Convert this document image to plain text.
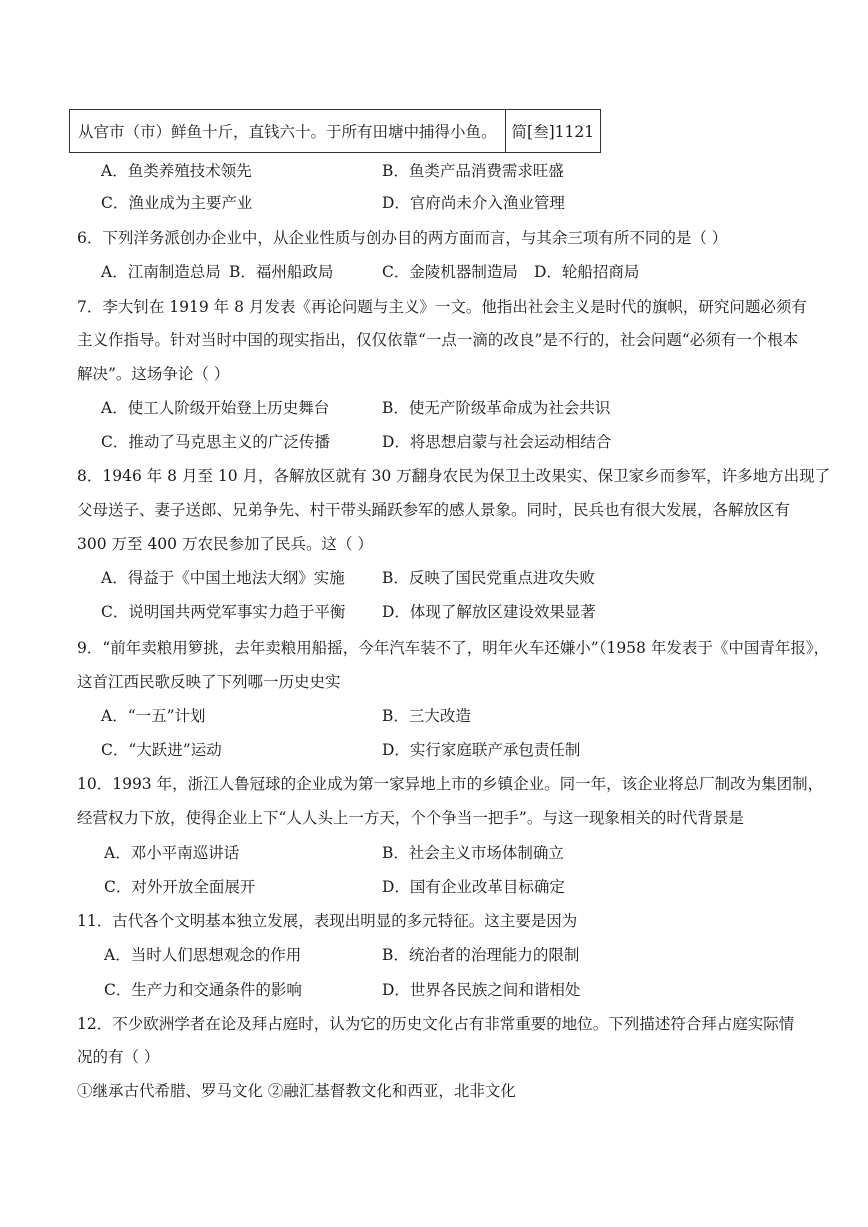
从官市（市）鲜鱼十斤，直钱六十。于所有田塘中捕得小鱼。	简[叁]1121
A．鱼类养殖技术领先	B．鱼类产品消费需求旺盛
C．渔业成为主要产业	D．官府尚未介入渔业管理
6．下列洋务派创办企业中，从企业性质与创办目的两方面而言，与其余三项有所不同的是（ ）
A．江南制造总局 B．福州船政局	C．金陵机器制造局 D．轮船招商局
7．李大钊在 1919 年 8 月发表《再论问题与主义》一文。他指出社会主义是时代的旗帜，研究问题必须有
主义作指导。针对当时中国的现实指出，仅仅依靠“一点一滴的改良”是不行的，社会问题“必须有一个根本
解决”。这场争论（ ）
A．使工人阶级开始登上历史舞台	B．使无产阶级革命成为社会共识
C．推动了马克思主义的广泛传播	D．将思想启蒙与社会运动相结合
8．1946 年 8 月至 10 月，各解放区就有 30 万翻身农民为保卫土改果实、保卫家乡而参军，许多地方出现了
父母送子、妻子送郎、兄弟争先、村干带头踊跃参军的感人景象。同时，民兵也有很大发展，各解放区有
300 万至 400 万农民参加了民兵。这（ ）
A．得益于《中国土地法大纲》实施 B．反映了国民党重点进攻失败
C．说明国共两党军事实力趋于平衡 D．体现了解放区建设效果显著
9．“前年卖粮用箩挑，去年卖粮用船摇，今年汽车装不了，明年火车还嫌小”（1958 年发表于《中国青年报》，
这首江西民歌反映了下列哪一历史史实
A．“一五”计划	B．三大改造
C．“大跃进”运动	D．实行家庭联产承包责任制
10．1993 年，浙江人鲁冠球的企业成为第一家异地上市的乡镇企业。同一年，该企业将总厂制改为集团制，
经营权力下放，使得企业上下“人人头上一方天，个个争当一把手”。与这一现象相关的时代背景是
A．邓小平南巡讲话	B．社会主义市场体制确立
C．对外开放全面展开	D．国有企业改革目标确定
11．古代各个文明基本独立发展，表现出明显的多元特征。这主要是因为
A．当时人们思想观念的作用	B．统治者的治理能力的限制
C．生产力和交通条件的影响	D．世界各民族之间和谐相处
12．不少欧洲学者在论及拜占庭时，认为它的历史文化占有非常重要的地位。下列描述符合拜占庭实际情
况的有（ ）
①继承古代希腊、罗马文化 ②融汇基督教文化和西亚，北非文化
